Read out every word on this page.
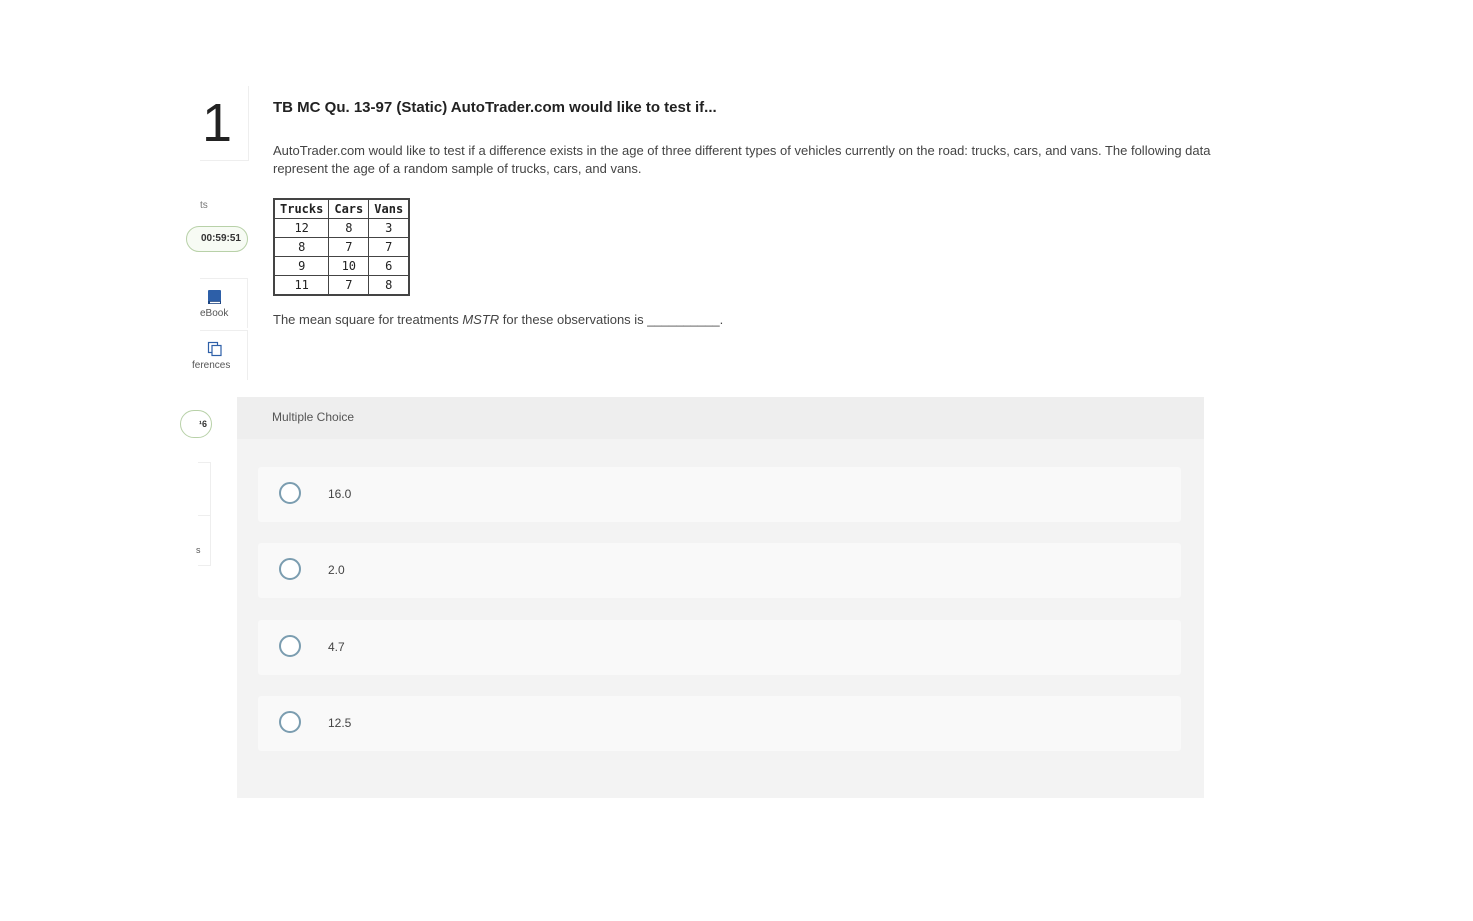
1
ts
00:59:51
eBook
ferences
¹6
s
TB MC Qu. 13-97 (Static) AutoTrader.com would like to test if...
AutoTrader.com would like to test if a difference exists in the age of three different types of vehicles currently on the road: trucks, cars, and vans. The following data represent the age of a random sample of trucks, cars, and vans.
Trucks	Cars	Vans
12	8	3
8	7	7
9	10	6
11	7	8
The mean square for treatments MSTR for these observations is __________.
Multiple Choice
16.0
2.0
4.7
12.5
